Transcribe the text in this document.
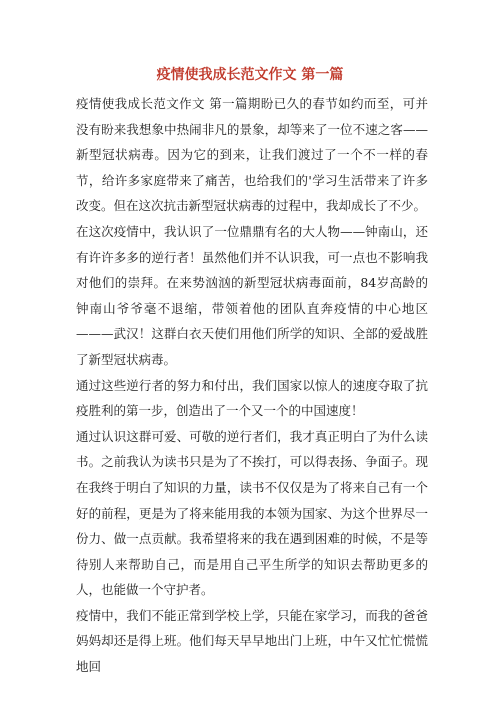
疫情使我成长范文作文 第一篇

疫情使我成长范文作文 第一篇期盼已久的春节如约而至，可并没有盼来我想象中热闹非凡的景象，却等来了一位不速之客——新型冠状病毒。因为它的到来，让我们渡过了一个不一样的春节，给许多家庭带来了痛苦，也给我们的'学习生活带来了许多改变。但在这次抗击新型冠状病毒的过程中，我却成长了不少。

在这次疫情中，我认识了一位鼎鼎有名的大人物——钟南山，还有许许多多的逆行者！虽然他们并不认识我，可一点也不影响我对他们的崇拜。在来势汹汹的新型冠状病毒面前，84岁高龄的钟南山爷爷毫不退缩，带领着他的团队直奔疫情的中心地区———武汉！这群白衣天使们用他们所学的知识、全部的爱战胜了新型冠状病毒。

通过这些逆行者的努力和付出，我们国家以惊人的速度夺取了抗疫胜利的第一步，创造出了一个又一个的中国速度！

通过认识这群可爱、可敬的逆行者们，我才真正明白了为什么读书。之前我认为读书只是为了不挨打，可以得表扬、争面子。现在我终于明白了知识的力量，读书不仅仅是为了将来自己有一个好的前程，更是为了将来能用我的本领为国家、为这个世界尽一份力、做一点贡献。我希望将来的我在遇到困难的时候，不是等待别人来帮助自己，而是用自己平生所学的知识去帮助更多的人，也能做一个守护者。

疫情中，我们不能正常到学校上学，只能在家学习，而我的爸爸妈妈却还是得上班。他们每天早早地出门上班，中午又忙忙慌慌地回
